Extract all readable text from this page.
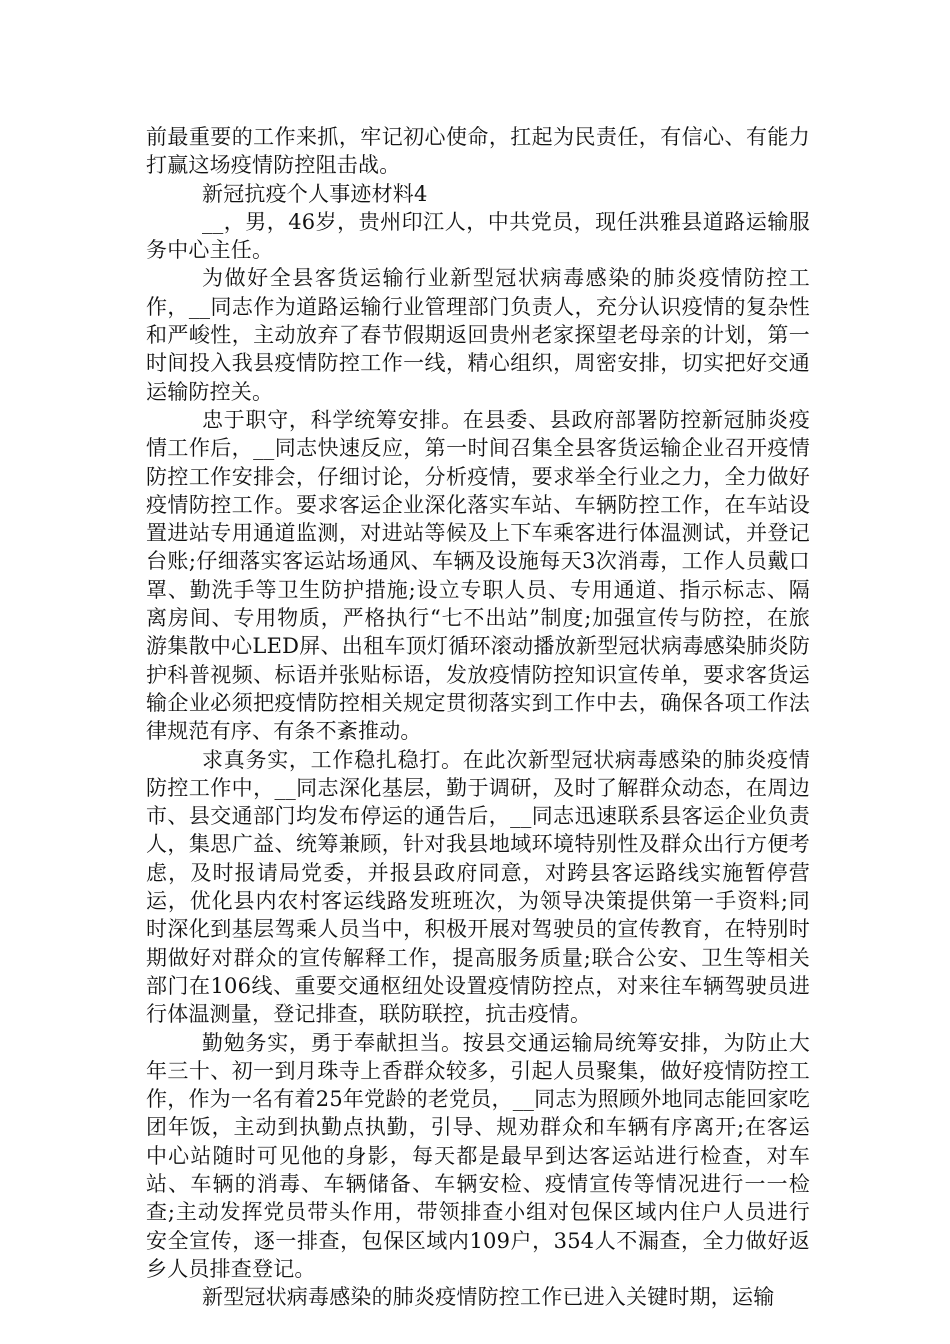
前最重要的工作来抓，牢记初心使命，扛起为民责任，有信心、有能力打赢这场疫情防控阻击战。

新冠抗疫个人事迹材料4

__，男，46岁，贵州印江人，中共党员，现任洪雅县道路运输服务中心主任。

为做好全县客货运输行业新型冠状病毒感染的肺炎疫情防控工作，__同志作为道路运输行业管理部门负责人，充分认识疫情的复杂性和严峻性，主动放弃了春节假期返回贵州老家探望老母亲的计划，第一时间投入我县疫情防控工作一线，精心组织，周密安排，切实把好交通运输防控关。

忠于职守，科学统筹安排。在县委、县政府部署防控新冠肺炎疫情工作后，__同志快速反应，第一时间召集全县客货运输企业召开疫情防控工作安排会，仔细讨论，分析疫情，要求举全行业之力，全力做好疫情防控工作。要求客运企业深化落实车站、车辆防控工作，在车站设置进站专用通道监测，对进站等候及上下车乘客进行体温测试，并登记台账;仔细落实客运站场通风、车辆及设施每天3次消毒，工作人员戴口罩、勤洗手等卫生防护措施;设立专职人员、专用通道、指示标志、隔离房间、专用物质，严格执行“七不出站”制度;加强宣传与防控，在旅游集散中心LED屏、出租车顶灯循环滚动播放新型冠状病毒感染肺炎防护科普视频、标语并张贴标语，发放疫情防控知识宣传单，要求客货运输企业必须把疫情防控相关规定贯彻落实到工作中去，确保各项工作法律规范有序、有条不紊推动。

求真务实，工作稳扎稳打。在此次新型冠状病毒感染的肺炎疫情防控工作中，__同志深化基层，勤于调研，及时了解群众动态，在周边市、县交通部门均发布停运的通告后，__同志迅速联系县客运企业负责人，集思广益、统筹兼顾，针对我县地域环境特别性及群众出行方便考虑，及时报请局党委，并报县政府同意，对跨县客运路线实施暂停营运，优化县内农村客运线路发班班次，为领导决策提供第一手资料;同时深化到基层驾乘人员当中，积极开展对驾驶员的宣传教育，在特别时期做好对群众的宣传解释工作，提高服务质量;联合公安、卫生等相关部门在106线、重要交通枢纽处设置疫情防控点，对来往车辆驾驶员进行体温测量，登记排查，联防联控，抗击疫情。

勤勉务实，勇于奉献担当。按县交通运输局统筹安排，为防止大年三十、初一到月珠寺上香群众较多，引起人员聚集，做好疫情防控工作，作为一名有着25年党龄的老党员，__同志为照顾外地同志能回家吃团年饭，主动到执勤点执勤，引导、规劝群众和车辆有序离开;在客运中心站随时可见他的身影，每天都是最早到达客运站进行检查，对车站、车辆的消毒、车辆储备、车辆安检、疫情宣传等情况进行一一检查;主动发挥党员带头作用，带领排查小组对包保区域内住户人员进行安全宣传，逐一排查，包保区域内109户，354人不漏查，全力做好返乡人员排查登记。

新型冠状病毒感染的肺炎疫情防控工作已进入关键时期，运输
